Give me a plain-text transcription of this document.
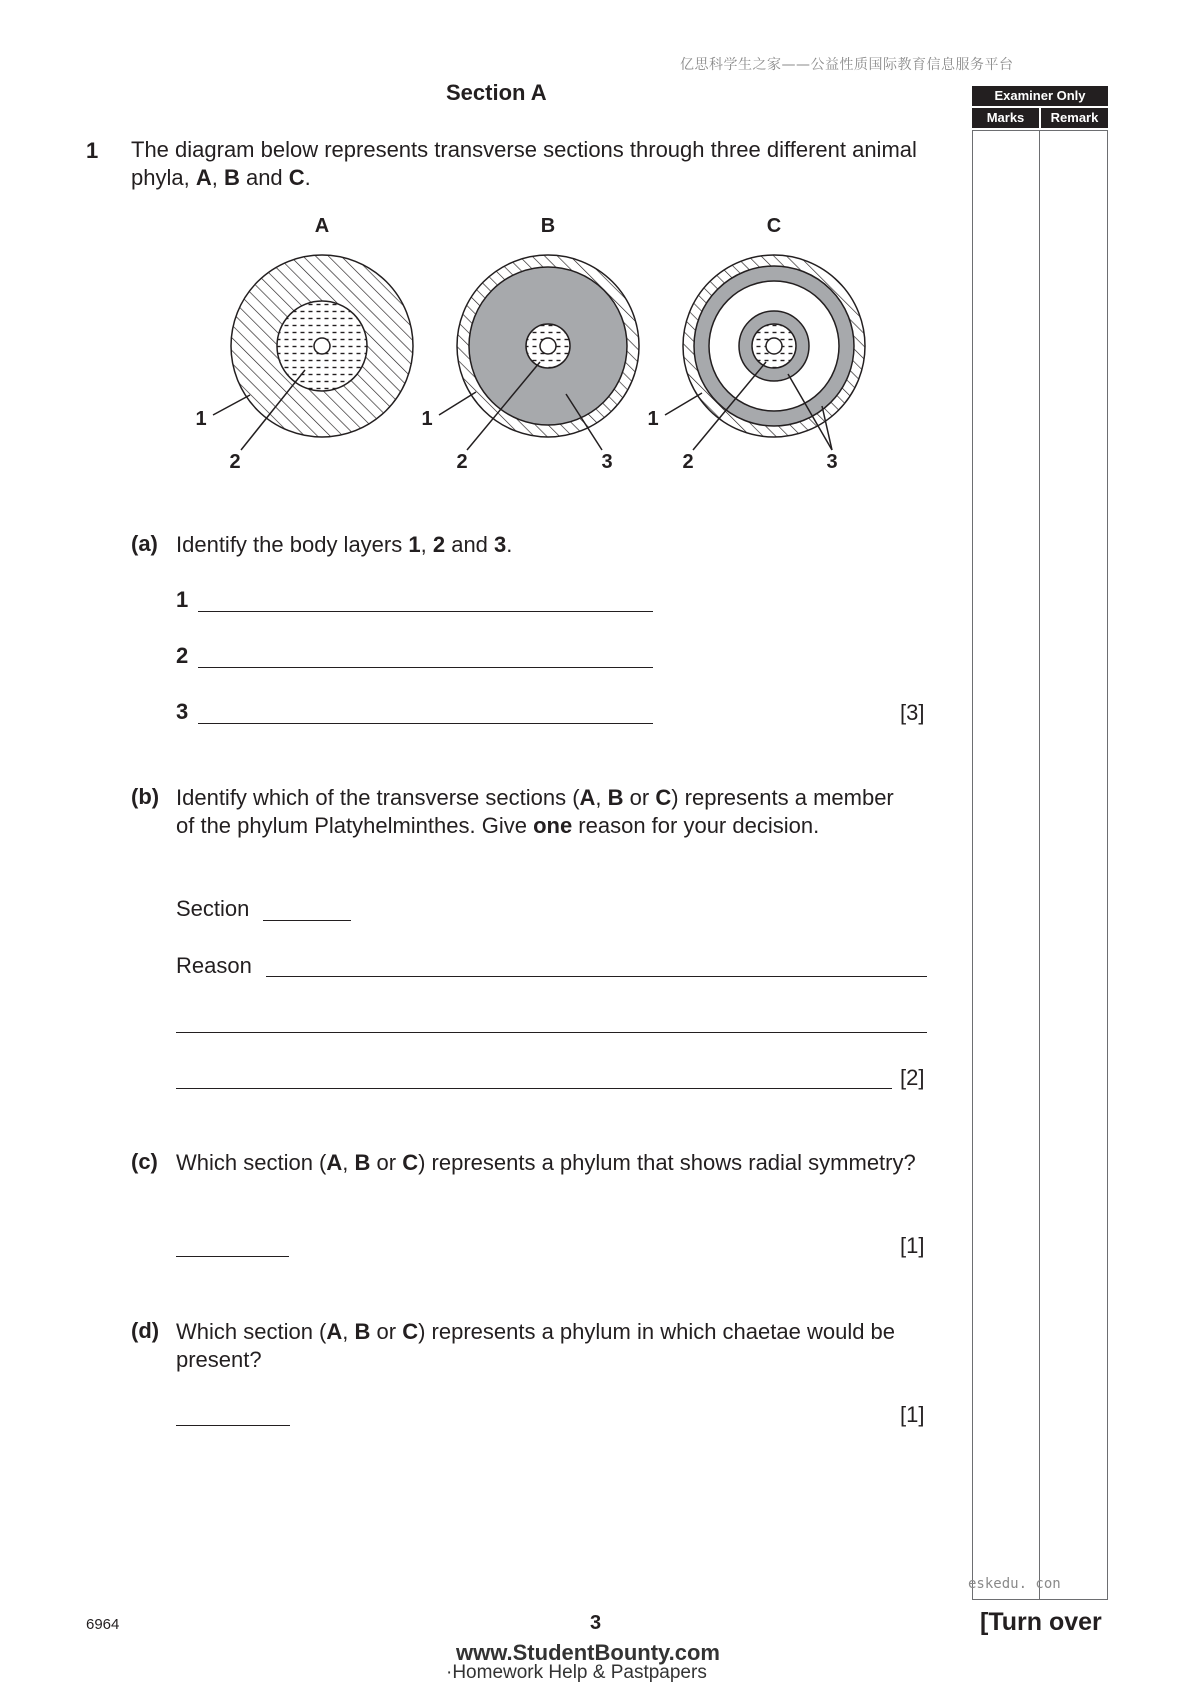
亿思科学生之家——公益性质国际教育信息服务平台
Section A	Examiner Only
Marks	Remark
eskedu. con
1 The diagram below represents transverse sections through three different animal phyla, A, B and C.
A
1
2
B
1
2	3
C
1
2	3
(a) Identify the body layers 1, 2 and 3.
1
2
3	[3]
(b) Identify which of the transverse sections (A, B or C) represents a member of the phylum Platyhelminthes. Give one reason for your decision.
Section
Reason
[2]
(c) Which section (A, B or C) represents a phylum that shows radial symmetry?
[1]
(d) Which section (A, B or C) represents a phylum in which chaetae would be present?
[1]
6964	3	[Turn over
www.StudentBounty.com
·Homework Help & Pastpapers
